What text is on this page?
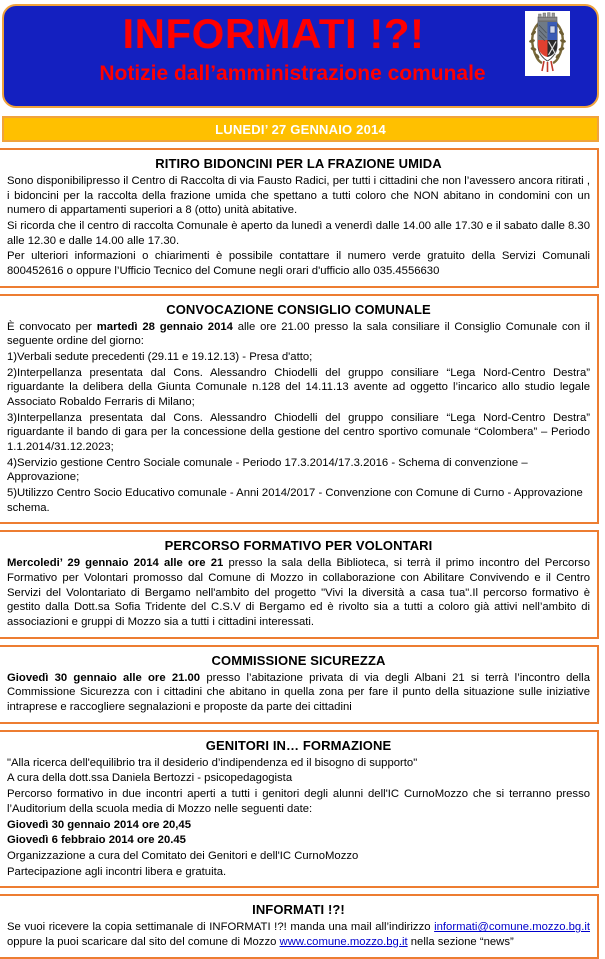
INFORMATI !?!
Notizie dall’amministrazione comunale
LUNEDI’ 27 GENNAIO 2014
RITIRO BIDONCINI PER LA FRAZIONE UMIDA

Sono disponibilipresso il Centro di Raccolta di via Fausto Radici, per tutti i cittadini che non l’avessero ancora ritirati , i bidoncini per la raccolta della frazione umida che spettano a tutti coloro che NON abitano in condomini con un numero di appartamenti superiori a 8 (otto) unità abitative.

Si ricorda che il centro di raccolta Comunale è aperto da lunedì a venerdì dalle 14.00 alle 17.30 e il sabato dalle 8.30 alle 12.30 e dalle 14.00 alle 17.30.

Per ulteriori informazioni o chiarimenti è possibile contattare il numero verde gratuito della Servizi Comunali 800452616 o oppure l’Ufficio Tecnico del Comune negli orari d'ufficio allo 035.4556630

CONVOCAZIONE CONSIGLIO COMUNALE

È convocato per martedì 28 gennaio 2014 alle ore 21.00 presso la sala consiliare il Consiglio Comunale con il seguente ordine del giorno:

1)Verbali sedute precedenti (29.11 e 19.12.13) - Presa d'atto;

2)Interpellanza presentata dal Cons. Alessandro Chiodelli del gruppo consiliare “Lega Nord-Centro Destra” riguardante la delibera della Giunta Comunale n.128 del 14.11.13 avente ad oggetto l’incarico allo studio legale Associato Robaldo Ferraris di Milano;

3)Interpellanza presentata dal Cons. Alessandro Chiodelli del gruppo consiliare “Lega Nord-Centro Destra” riguardante il bando di gara per la concessione della gestione del centro sportivo comunale “Colombera” – Periodo 1.1.2014/31.12.2023;

4)Servizio gestione Centro Sociale comunale - Periodo 17.3.2014/17.3.2016 - Schema di convenzione – Approvazione;

5)Utilizzo Centro Socio Educativo comunale - Anni 2014/2017 - Convenzione con Comune di Curno - Approvazione schema.

PERCORSO FORMATIVO PER VOLONTARI

Mercoledi’ 29 gennaio 2014 alle ore 21 presso la sala della Biblioteca, si terrà il primo incontro del Percorso Formativo per Volontari promosso dal Comune di Mozzo in collaborazione con Abilitare Convivendo e il Centro Servizi del Volontariato di Bergamo nell'ambito del progetto "Vivi la diversità a casa tua".Il percorso formativo è gestito dalla Dott.sa Sofia Tridente del C.S.V di Bergamo ed è rivolto sia a tutti a coloro già attivi nell’ambito di associazioni e gruppi di Mozzo sia a tutti i cittadini interessati.

COMMISSIONE SICUREZZA

Giovedì 30 gennaio alle ore 21.00 presso l’abitazione privata di via degli Albani 21 si terrà l’incontro della Commissione Sicurezza con i cittadini che abitano in quella zona per fare il punto della situazione sulle iniziative intraprese e raccogliere segnalazioni e proposte da parte dei cittadini

GENITORI IN… FORMAZIONE

"Alla ricerca dell'equilibrio tra il desiderio d’indipendenza ed il bisogno di supporto"

A cura della dott.ssa Daniela Bertozzi - psicopedagogista

Percorso formativo in due incontri aperti a tutti i genitori degli alunni dell'IC CurnoMozzo che si terranno presso l’Auditorium della scuola media di Mozzo nelle seguenti date:

Giovedì 30 gennaio 2014 ore 20,45

Giovedì 6 febbraio 2014 ore 20.45

Organizzazione a cura del Comitato dei Genitori e dell'IC CurnoMozzo

Partecipazione agli incontri libera e gratuita.

INFORMATI !?!

Se vuoi ricevere la copia settimanale di INFORMATI !?! manda una mail all’indirizzo informati@comune.mozzo.bg.it oppure la puoi scaricare dal sito del comune di Mozzo www.comune.mozzo.bg.it nella sezione “news”
